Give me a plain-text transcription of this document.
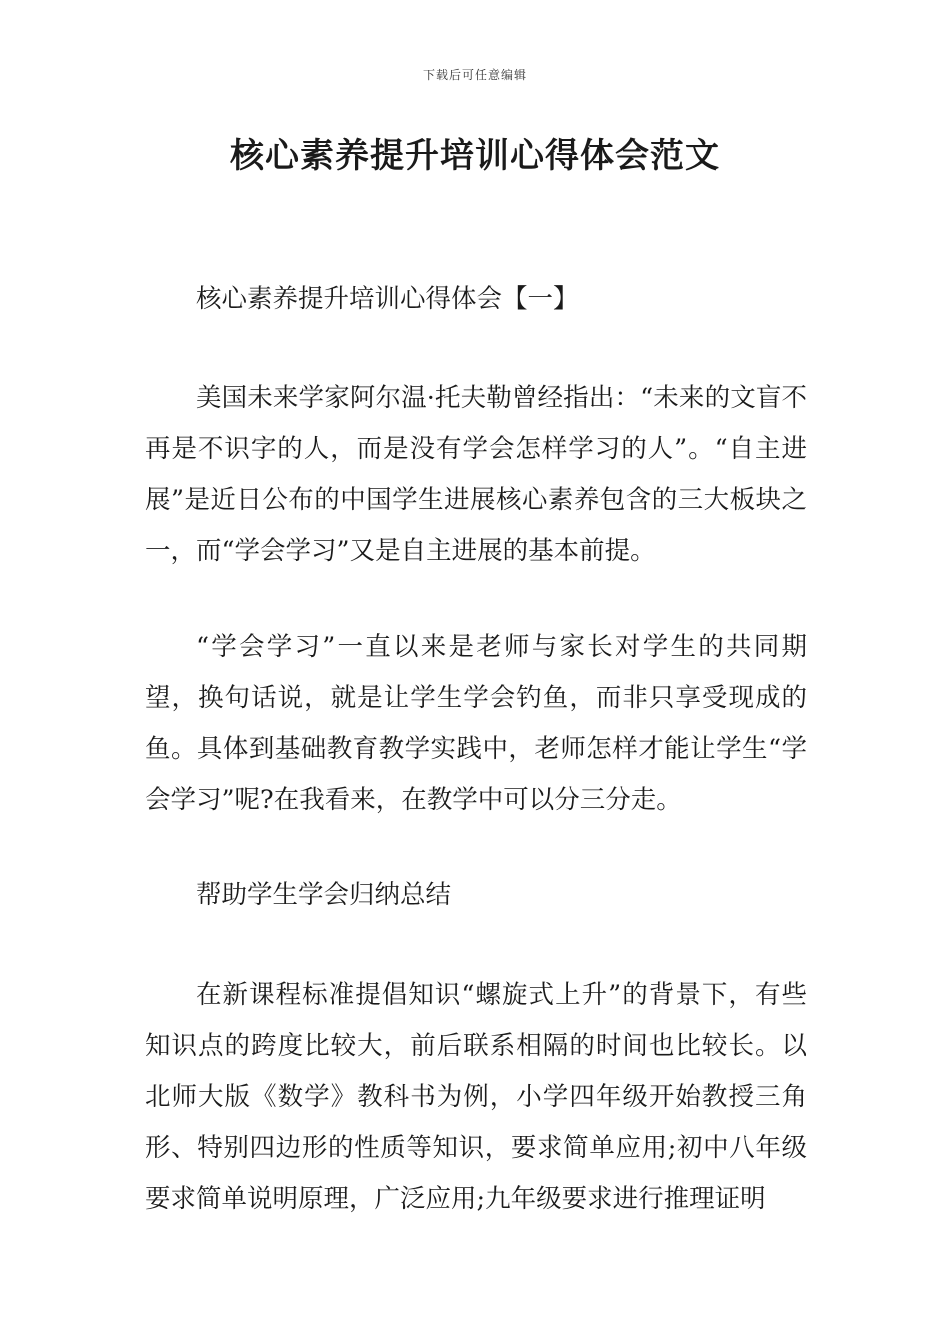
下载后可任意编辑
核心素养提升培训心得体会范文

核心素养提升培训心得体会【一】

美国未来学家阿尔温·托夫勒曾经指出：“未来的文盲不再是不识字的人，而是没有学会怎样学习的人”。“自主进展”是近日公布的中国学生进展核心素养包含的三大板块之一，而“学会学习”又是自主进展的基本前提。

“学会学习”一直以来是老师与家长对学生的共同期望，换句话说，就是让学生学会钓鱼，而非只享受现成的鱼。具体到基础教育教学实践中，老师怎样才能让学生“学会学习”呢?在我看来，在教学中可以分三分走。

帮助学生学会归纳总结

在新课程标准提倡知识“螺旋式上升”的背景下，有些知识点的跨度比较大，前后联系相隔的时间也比较长。以北师大版《数学》教科书为例，小学四年级开始教授三角形、特别四边形的性质等知识，要求简单应用;初中八年级要求简单说明原理，广泛应用;九年级要求进行推理证明
